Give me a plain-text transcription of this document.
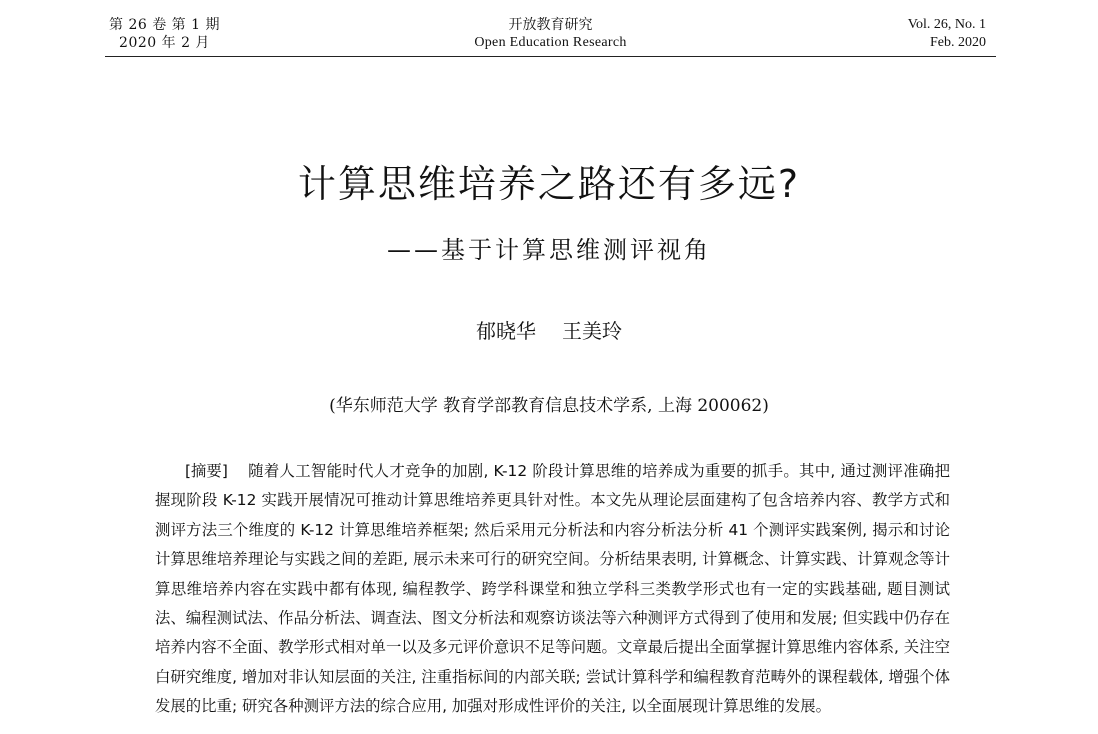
第 26 卷 第 1 期
2020 年 2 月
开放教育研究
Open Education Research
Vol. 26, No. 1
Feb. 2020
计算思维培养之路还有多远?
——基于计算思维测评视角
郁晓华 王美玲
(华东师范大学 教育学部教育信息技术学系, 上海 200062)
[摘要] 随着人工智能时代人才竞争的加剧, K-12 阶段计算思维的培养成为重要的抓手。其中, 通过测评准确把握现阶段 K-12 实践开展情况可推动计算思维培养更具针对性。本文先从理论层面建构了包含培养内容、教学方式和测评方法三个维度的 K-12 计算思维培养框架; 然后采用元分析法和内容分析法分析 41 个测评实践案例, 揭示和讨论计算思维培养理论与实践之间的差距, 展示未来可行的研究空间。分析结果表明, 计算概念、计算实践、计算观念等计算思维培养内容在实践中都有体现, 编程教学、跨学科课堂和独立学科三类教学形式也有一定的实践基础, 题目测试法、编程测试法、作品分析法、调查法、图文分析法和观察访谈法等六种测评方式得到了使用和发展; 但实践中仍存在培养内容不全面、教学形式相对单一以及多元评价意识不足等问题。文章最后提出全面掌握计算思维内容体系, 关注空白研究维度, 增加对非认知层面的关注, 注重指标间的内部关联; 尝试计算科学和编程教育范畴外的课程载体, 增强个体发展的比重; 研究各种测评方法的综合应用, 加强对形成性评价的关注, 以全面展现计算思维的发展。
